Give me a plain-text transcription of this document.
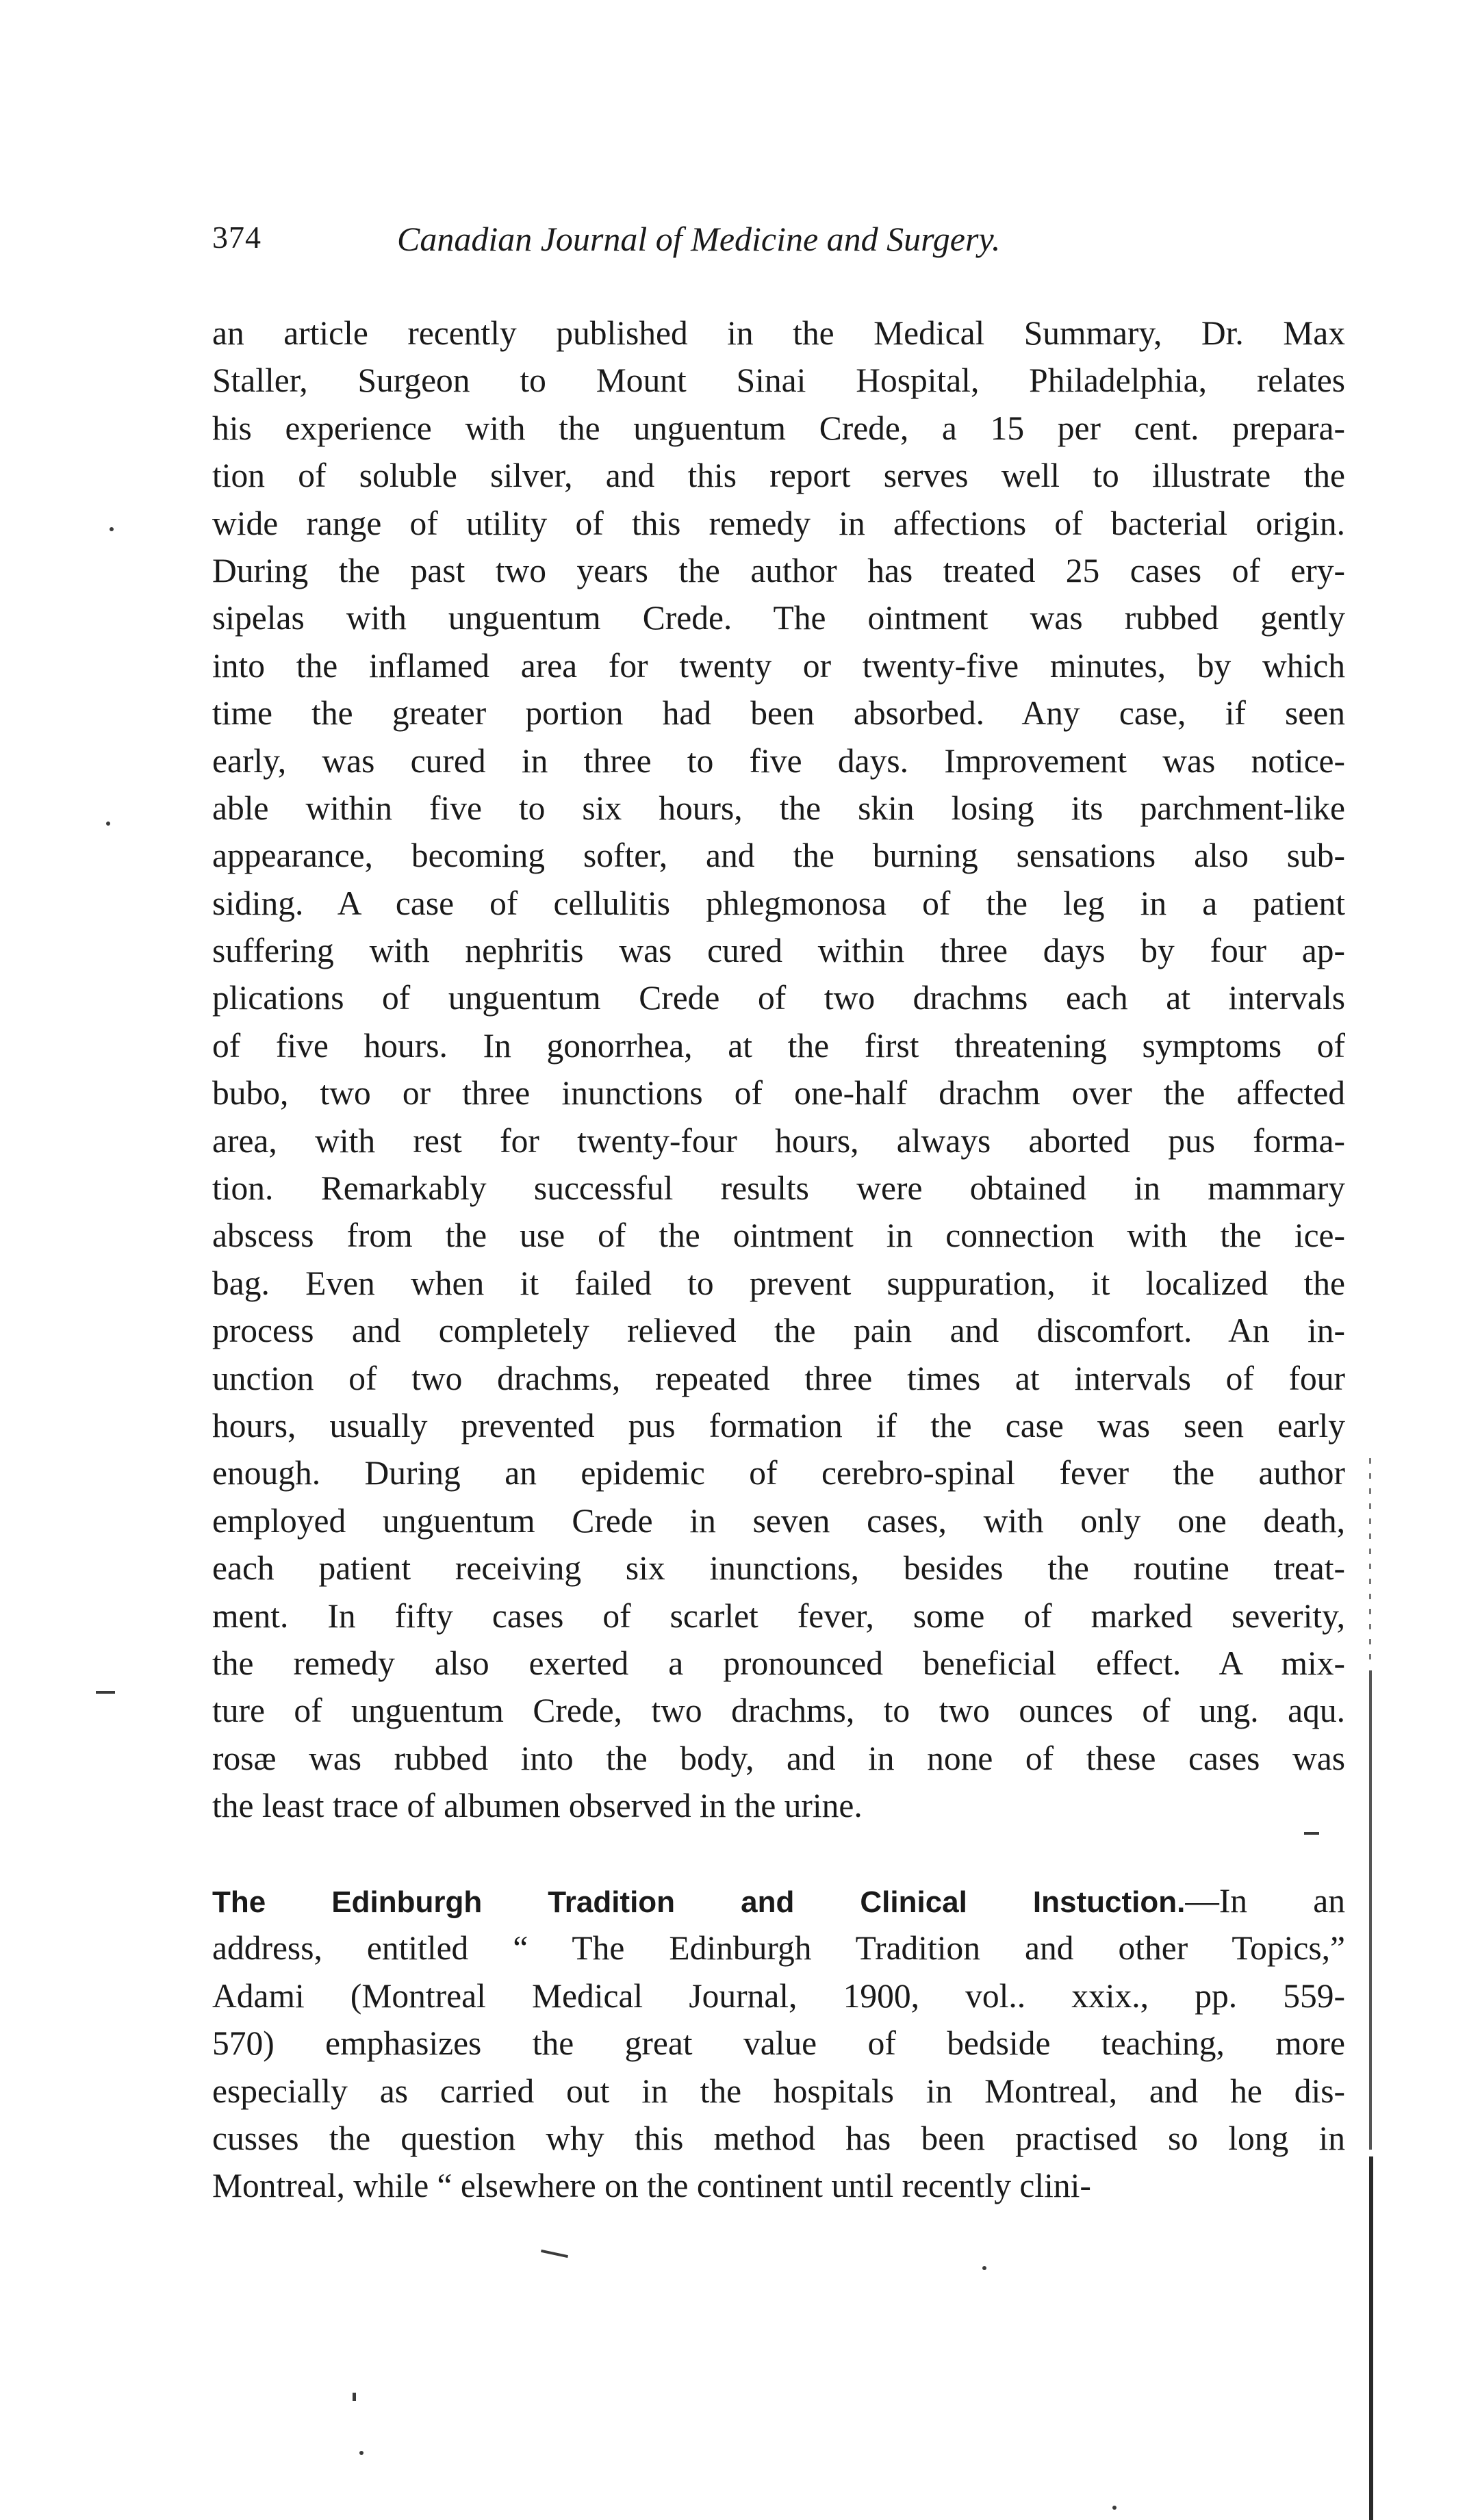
374	Canadian Journal of Medicine and Surgery.
an article recently published in the Medical Summary, Dr. Max
Staller, Surgeon to Mount Sinai Hospital, Philadelphia, relates
his experience with the unguentum Crede, a 15 per cent. prepara-
tion of soluble silver, and this report serves well to illustrate the
wide range of utility of this remedy in affections of bacterial origin.
During the past two years the author has treated 25 cases of ery-
sipelas with unguentum Crede. The ointment was rubbed gently
into the inflamed area for twenty or twenty-five minutes, by which
time the greater portion had been absorbed. Any case, if seen
early, was cured in three to five days. Improvement was notice-
able within five to six hours, the skin losing its parchment-like
appearance, becoming softer, and the burning sensations also sub-
siding. A case of cellulitis phlegmonosa of the leg in a patient
suffering with nephritis was cured within three days by four ap-
plications of unguentum Crede of two drachms each at intervals
of five hours. In gonorrhea, at the first threatening symptoms of
bubo, two or three inunctions of one-half drachm over the affected
area, with rest for twenty-four hours, always aborted pus forma-
tion. Remarkably successful results were obtained in mammary
abscess from the use of the ointment in connection with the ice-
bag. Even when it failed to prevent suppuration, it localized the
process and completely relieved the pain and discomfort. An in-
unction of two drachms, repeated three times at intervals of four
hours, usually prevented pus formation if the case was seen early
enough. During an epidemic of cerebro-spinal fever the author
employed unguentum Crede in seven cases, with only one death,
each patient receiving six inunctions, besides the routine treat-
ment. In fifty cases of scarlet fever, some of marked severity,
the remedy also exerted a pronounced beneficial effect. A mix-
ture of unguentum Crede, two drachms, to two ounces of ung. aqu.
rosæ was rubbed into the body, and in none of these cases was
the least trace of albumen observed in the urine.
The Edinburgh Tradition and Clinical Instuction.—In an
address, entitled “ The Edinburgh Tradition and other Topics,”
Adami (Montreal Medical Journal, 1900, vol.. xxix., pp. 559-
570) emphasizes the great value of bedside teaching, more
especially as carried out in the hospitals in Montreal, and he dis-
cusses the question why this method has been practised so long in
Montreal, while “ elsewhere on the continent until recently clini-
